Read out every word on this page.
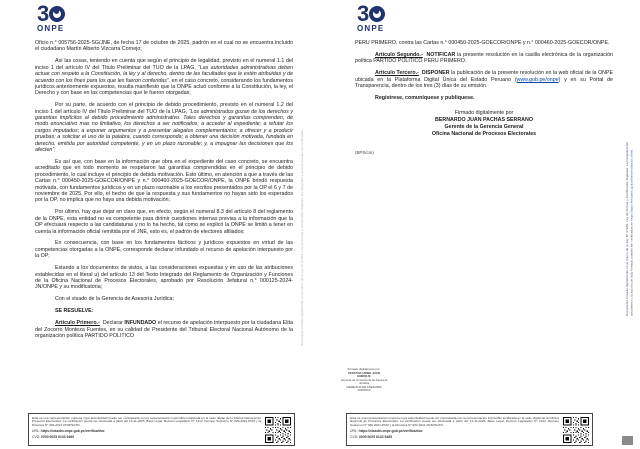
3
ONPE

Oficio n.° 005756-2025-SG/JNE, de fecha 17 de octubre de 2025, padrón en el cual no se encuentra incluido el ciudadano Martín Alberto Vizcarra Cornejo;

Así las cosas, teniendo en cuenta que según el principio de legalidad, previsto en el numeral 1.1 del inciso 1 del artículo IV del Título Preliminar del TUO de la LPAG, “Las autoridades administrativas deben actuar con respeto a la Constitución, la ley y al derecho, dentro de las facultades que le estén atribuidas y de acuerdo con los fines para los que les fueron conferidas”, en el caso concreto, considerando los fundamentos jurídicos anteriormente expuestos, resulta manifiesto que la ONPE actuó conforme a la Constitución, la ley, el Derecho y con base en las competencias que le fueron otorgadas;

Por su parte, de acuerdo con el principio de debido procedimiento, previsto en el numeral 1.2 del inciso 1 del artículo IV del Título Preliminar del TUO de la LPAG, “Los administrados gozan de los derechos y garantías implícitos al debido procedimiento administrativo. Tales derechos y garantías comprenden, de modo enunciativo mas no limitativo, los derechos a ser notificados; a acceder al expediente; a refutar los cargos imputados; a exponer argumentos y a presentar alegatos complementarios; a ofrecer y a producir pruebas; a solicitar el uso de la palabra, cuando corresponda; a obtener una decisión motivada, fundada en derecho, emitida por autoridad competente, y en un plazo razonable; y, a impugnar las decisiones que los afecten”;

Es así que, con base en la información que obra en el expediente del caso concreto, se encuentra acreditado que en todo momento se respetaron las garantías comprendidas en el principio de debido procedimiento, lo cual incluye el principio de debida motivación. Esto último, en atención a que a través de las Cartas n.° 000450-2025-GOECOR/ONPE y n.° 000460-2025-GOECOR/ONPE, la ONPE brindó respuesta motivada, con fundamentos jurídicos y en un plazo razonable a los escritos presentados por la OP el 6 y 7 de noviembre de 2025. Por ello, el hecho de que la respuesta y sus fundamentos no hayan sido los esperados por la OP, no implica que no haya una debida motivación;

Por último, hay que dejar en claro que, en efecto, según el numeral 8.3 del artículo 8 del reglamento de la ONPE, esta entidad no es competente para dirimir cuestiones internas previas a la información que la OP efectuará respecto a las candidaturas y no lo ha hecho, tal como se explicó la ONPE se limitó a tener en cuenta la información oficial remitida por el JNE, esto es, el padrón de electores afiliados;

En consecuencia, con base en los fundamentos fácticos y jurídicos expuestos en virtud de las competencias otorgadas a la ONPE, corresponde declarar infundado el recurso de apelación interpuesto por la OP;

Estando a los documentos de vistos, a las consideraciones expuestas y en uso de las atribuciones establecidas en el literal u) del artículo 13 del Texto Integrado del Reglamento de Organización y Funciones de la Oficina Nacional de Procesos Electorales, aprobado por Resolución Jefatural n.° 000125-2024-JN/ONPE y su modificatoria;

Con el visado de la Gerencia de Asesoría Jurídica;

SE RESUELVE:

Artículo Primero.-  Declarar INFUNDADO el recurso de apelación interpuesto por la ciudadana Elita del Zocorro Monteza Fuentes, en su calidad de Presidente del Tribunal Electoral Nacional Autónomo de la organización política PARTIDO POLITICO	Documento firmado digitalmente en el marco de la Ley N° 27269, Ley de Firmas y Certificados Digitales. Su integridad y autoría pueden ser verificadas.
Esta es una representación impresa cuya autenticidad puede ser contrastada con la representación imprimible localizada en la sede digital de la Oficina Nacional de Procesos Electorales. La verificación puede ser efectuada a partir del 14-11-2025. Base Legal: Decreto Legislativo N° 1412, Decreto Supremo N° 029-2021-PCM y la Directiva N° 002-2021-PCM/SGTD.
URL: https://sisadm.onpe.gob.pe/verifica/doc
CVD: 0000 0025 6133 9465
3
ONPE

PERU PRIMERO, contra las Cartas n.° 000450-2025-GOECOR/ONPE y n.° 000460-2025-GOECOR/ONPE.

Artículo Segundo.-  NOTIFICAR la presente resolución en la casilla electrónica de la organización política PARTIDO POLITICO PERU PRIMERO.

Artículo Tercero.-  DISPONER la publicación de la presente resolución en la web oficial de la ONPE ubicada en la Plataforma Digital Única del Estado Peruano (www.gob.pe/onpe) y en su Portal de Transparencia, dentro de los tres (3) días de su emisión.

Regístrese, comuníquese y publíquese.

Firmado digitalmente por
BERNARDO JUAN PACHAS SERRANO
Gerente de la Gerencia General
Oficina Nacional de Procesos Electorales

(BPS/cm)

Firmado digitalmente por:
PESTANA URIBE JUAN
ENRIQUE
Gerente de la Gerencia de Asesoría
Jurídica
GERENCIA DE ASESORIA
JURIDICA
Documento firmado digitalmente en el marco de la Ley N° 27269, Ley de Firmas y Certificados Digitales. La integridad del documento y la autoría de la(s) firma(s) pueden ser verificadas en https://apps.firmaperu.gob.pe/web/validador.xhtml
Esta es una representación impresa cuya autenticidad puede ser contrastada con la representación imprimible localizada en la sede digital de la Oficina Nacional de Procesos Electorales. La verificación puede ser efectuada a partir del 14-11-2025. Base Legal: Decreto Legislativo N° 1412, Decreto Supremo N° 029-2021-PCM y la Directiva N° 002-2021-PCM/SGTD.
URL: https://sisadm.onpe.gob.pe/verifica/doc
CVD: 0000 0025 6133 9465
